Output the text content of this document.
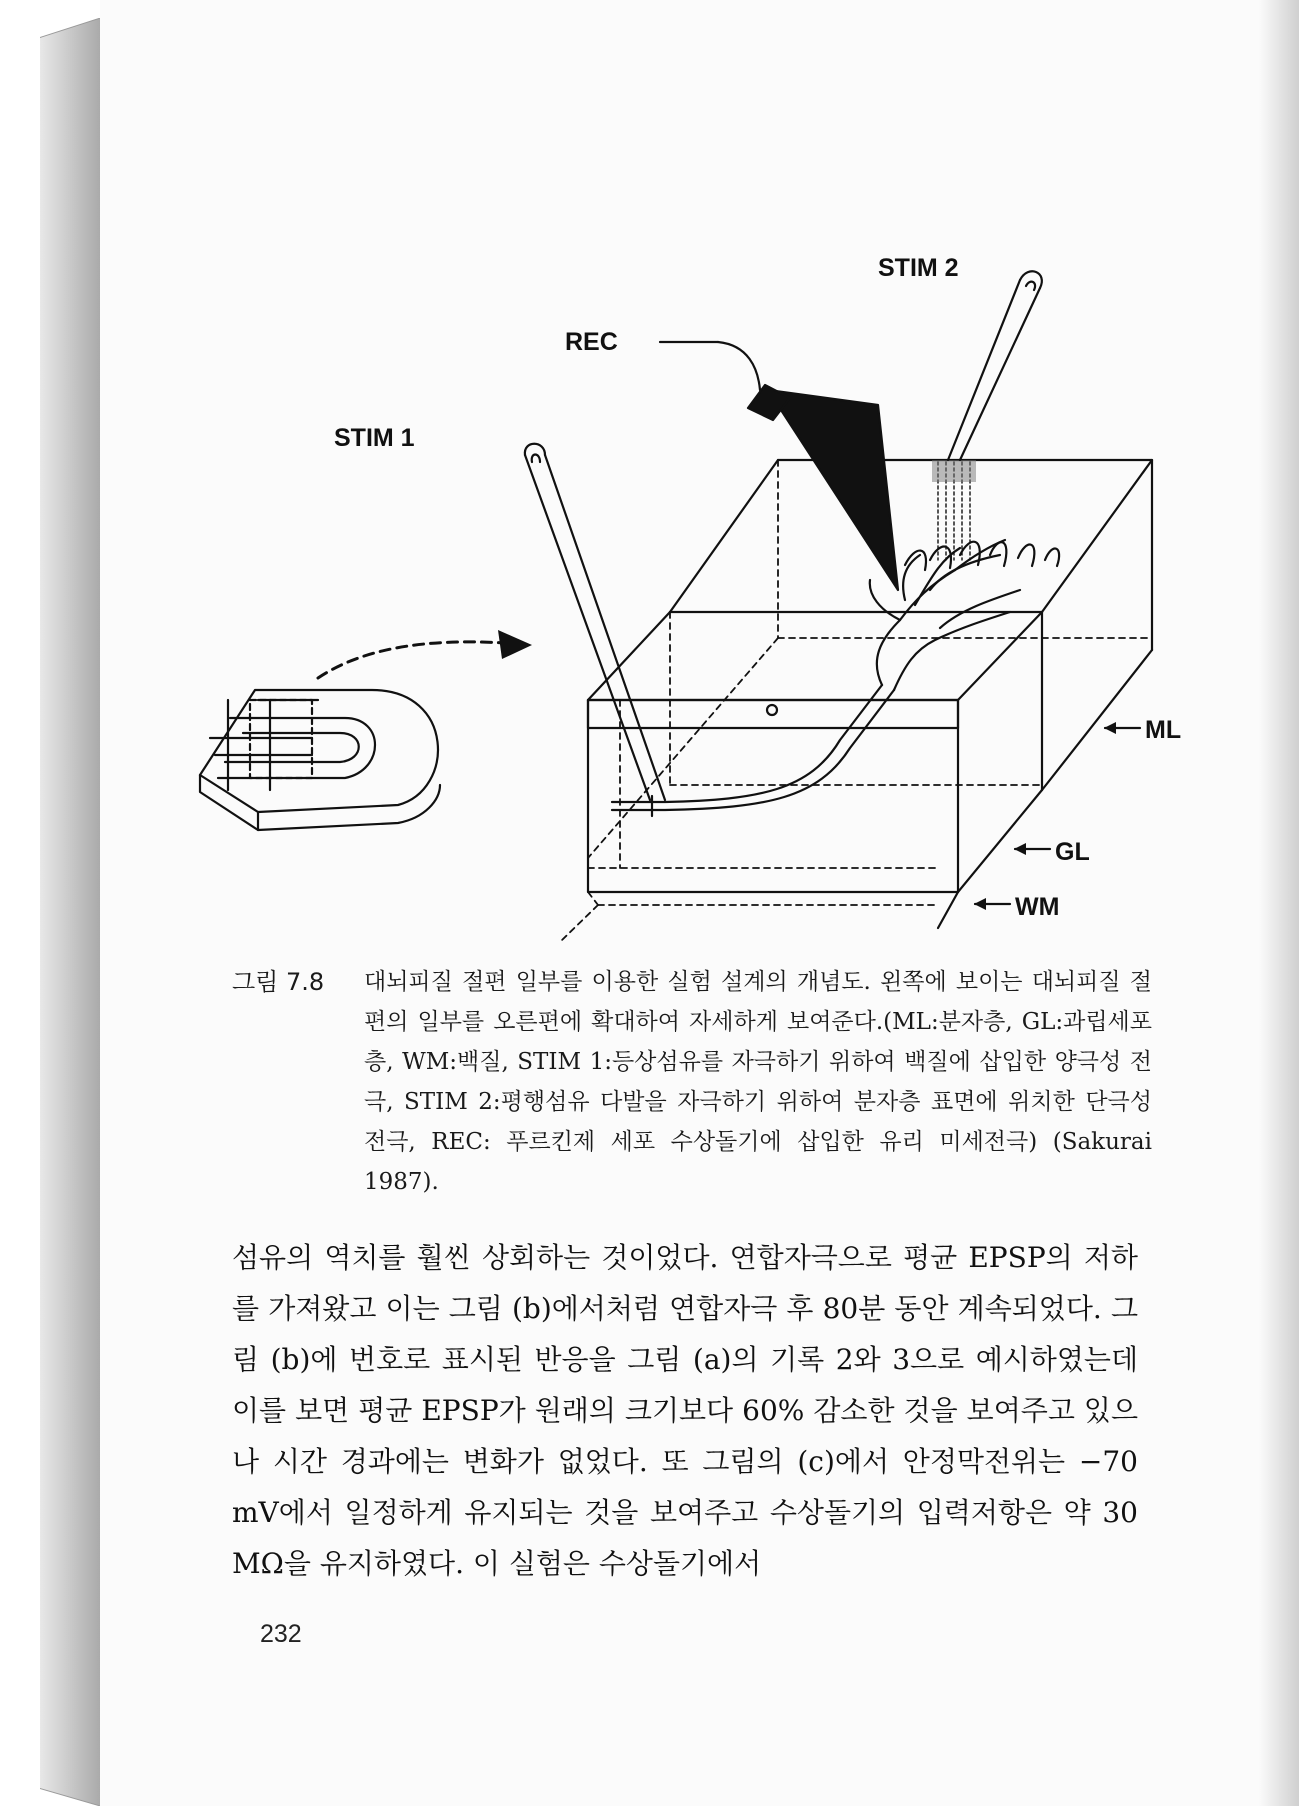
STIM 2
REC
STIM 1
ML
GL
WM
그림 7.8	대뇌피질 절편 일부를 이용한 실험 설계의 개념도. 왼쪽에 보이는 대뇌피질 절편의 일부를 오른편에 확대하여 자세하게 보여준다.(ML:분자층, GL:과립세포층, WM:백질, STIM 1:등상섬유를 자극하기 위하여 백질에 삽입한 양극성 전극, STIM 2:평행섬유 다발을 자극하기 위하여 분자층 표면에 위치한 단극성 전극, REC: 푸르킨제 세포 수상돌기에 삽입한 유리 미세전극) (Sakurai 1987).

섬유의 역치를 훨씬 상회하는 것이었다. 연합자극으로 평균 EPSP의 저하를 가져왔고 이는 그림 (b)에서처럼 연합자극 후 80분 동안 계속되었다. 그림 (b)에 번호로 표시된 반응을 그림 (a)의 기록 2와 3으로 예시하였는데 이를 보면 평균 EPSP가 원래의 크기보다 60% 감소한 것을 보여주고 있으나 시간 경과에는 변화가 없었다. 또 그림의 (c)에서 안정막전위는 −70 mV에서 일정하게 유지되는 것을 보여주고 수상돌기의 입력저항은 약 30 MΩ을 유지하였다. 이 실험은 수상돌기에서

232
